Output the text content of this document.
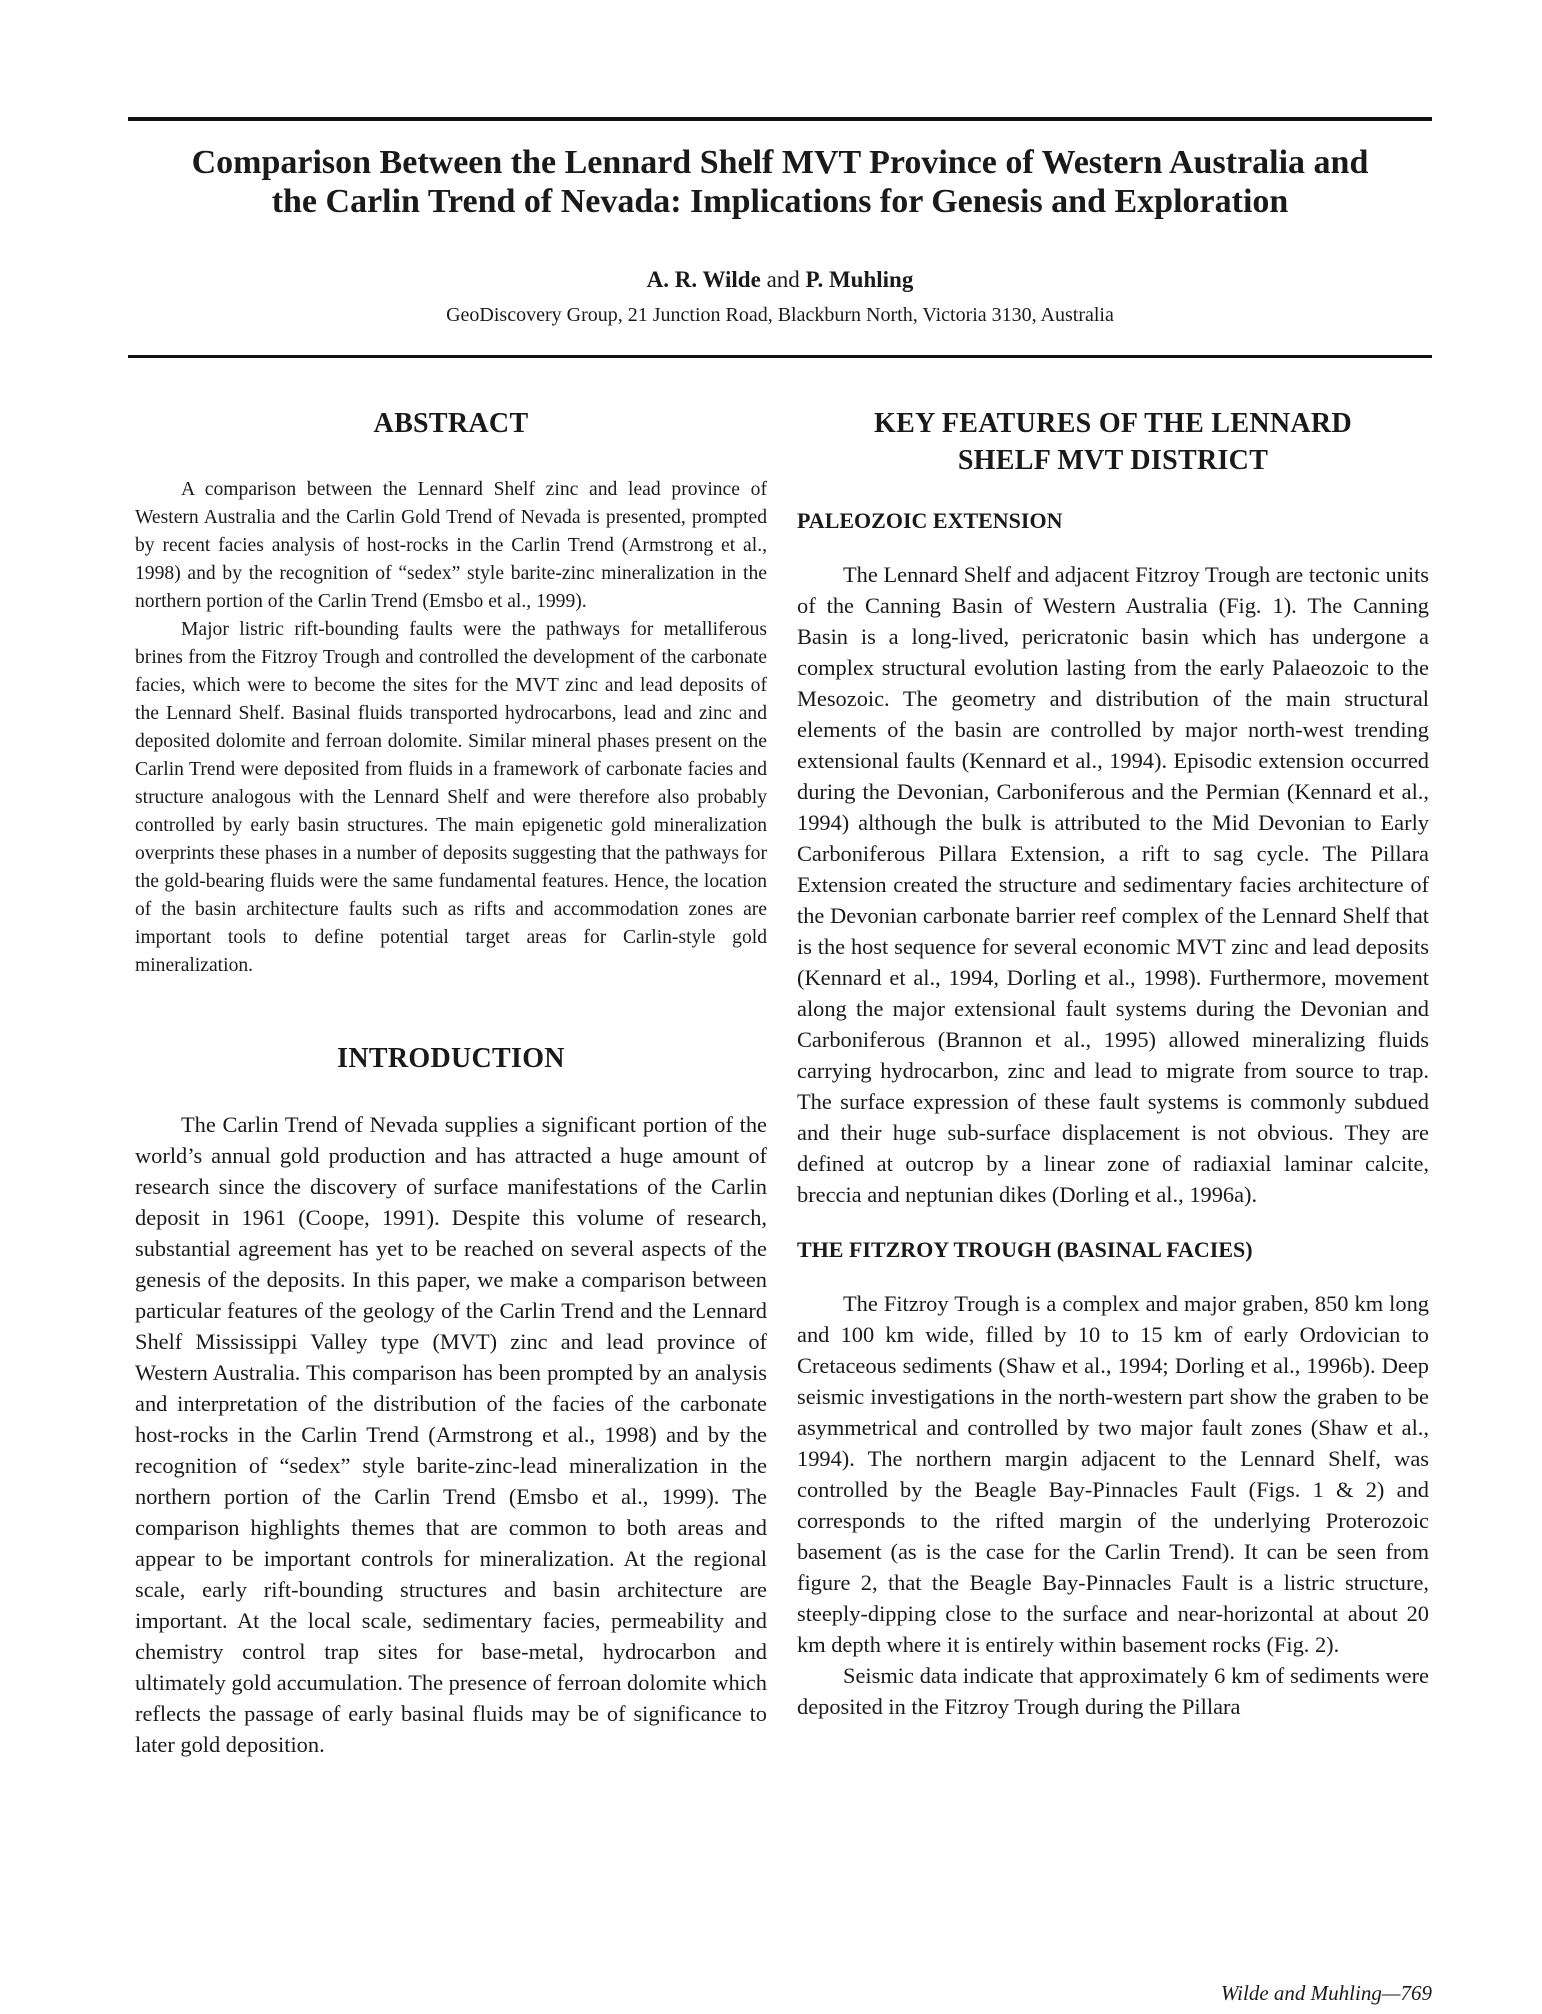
Comparison Between the Lennard Shelf MVT Province of Western Australia and
the Carlin Trend of Nevada: Implications for Genesis and Exploration
A. R. Wilde and P. Muhling
GeoDiscovery Group, 21 Junction Road, Blackburn North, Victoria 3130, Australia
ABSTRACT

A comparison between the Lennard Shelf zinc and lead province of Western Australia and the Carlin Gold Trend of Nevada is presented, prompted by recent facies analysis of host-rocks in the Carlin Trend (Armstrong et al., 1998) and by the recognition of “sedex” style barite-zinc mineralization in the northern portion of the Carlin Trend (Emsbo et al., 1999).

Major listric rift-bounding faults were the pathways for metalliferous brines from the Fitzroy Trough and controlled the development of the carbonate facies, which were to become the sites for the MVT zinc and lead deposits of the Lennard Shelf. Basinal fluids transported hydrocarbons, lead and zinc and deposited dolomite and ferroan dolomite. Similar mineral phases present on the Carlin Trend were deposited from fluids in a framework of carbonate facies and structure analogous with the Lennard Shelf and were therefore also probably controlled by early basin structures. The main epigenetic gold mineralization overprints these phases in a number of deposits suggesting that the pathways for the gold-bearing fluids were the same fundamental features. Hence, the location of the basin architecture faults such as rifts and accommodation zones are important tools to define potential target areas for Carlin-style gold mineralization.

INTRODUCTION

The Carlin Trend of Nevada supplies a significant portion of the world’s annual gold production and has attracted a huge amount of research since the discovery of surface manifestations of the Carlin deposit in 1961 (Coope, 1991). Despite this volume of research, substantial agreement has yet to be reached on several aspects of the genesis of the deposits. In this paper, we make a comparison between particular features of the geology of the Carlin Trend and the Lennard Shelf Mississippi Valley type (MVT) zinc and lead province of Western Australia. This comparison has been prompted by an analysis and interpretation of the distribution of the facies of the carbonate host-rocks in the Carlin Trend (Armstrong et al., 1998) and by the recognition of “sedex” style barite-zinc-lead mineralization in the northern portion of the Carlin Trend (Emsbo et al., 1999). The comparison highlights themes that are common to both areas and appear to be important controls for mineralization. At the regional scale, early rift-bounding structures and basin architecture are important. At the local scale, sedimentary facies, permeability and chemistry control trap sites for base-metal, hydrocarbon and ultimately gold accumulation. The presence of ferroan dolomite which reflects the passage of early basinal fluids may be of significance to later gold deposition.

KEY FEATURES OF THE LENNARD
SHELF MVT DISTRICT
PALEOZOIC EXTENSION

The Lennard Shelf and adjacent Fitzroy Trough are tectonic units of the Canning Basin of Western Australia (Fig. 1). The Canning Basin is a long-lived, pericratonic basin which has undergone a complex structural evolution lasting from the early Palaeozoic to the Mesozoic. The geometry and distribution of the main structural elements of the basin are controlled by major north-west trending extensional faults (Kennard et al., 1994). Episodic extension occurred during the Devonian, Carboniferous and the Permian (Kennard et al., 1994) although the bulk is attributed to the Mid Devonian to Early Carboniferous Pillara Extension, a rift to sag cycle. The Pillara Extension created the structure and sedimentary facies architecture of the Devonian carbonate barrier reef complex of the Lennard Shelf that is the host sequence for several economic MVT zinc and lead deposits (Kennard et al., 1994, Dorling et al., 1998). Furthermore, movement along the major extensional fault systems during the Devonian and Carboniferous (Brannon et al., 1995) allowed mineralizing fluids carrying hydrocarbon, zinc and lead to migrate from source to trap. The surface expression of these fault systems is commonly subdued and their huge sub-surface displacement is not obvious. They are defined at outcrop by a linear zone of radiaxial laminar calcite, breccia and neptunian dikes (Dorling et al., 1996a).

THE FITZROY TROUGH (BASINAL FACIES)

The Fitzroy Trough is a complex and major graben, 850 km long and 100 km wide, filled by 10 to 15 km of early Ordovician to Cretaceous sediments (Shaw et al., 1994; Dorling et al., 1996b). Deep seismic investigations in the north-western part show the graben to be asymmetrical and controlled by two major fault zones (Shaw et al., 1994). The northern margin adjacent to the Lennard Shelf, was controlled by the Beagle Bay-Pinnacles Fault (Figs. 1 & 2) and corresponds to the rifted margin of the underlying Proterozoic basement (as is the case for the Carlin Trend). It can be seen from figure 2, that the Beagle Bay-Pinnacles Fault is a listric structure, steeply-dipping close to the surface and near-horizontal at about 20 km depth where it is entirely within basement rocks (Fig. 2).

Seismic data indicate that approximately 6 km of sediments were deposited in the Fitzroy Trough during the Pillara

Wilde and Muhling—769
